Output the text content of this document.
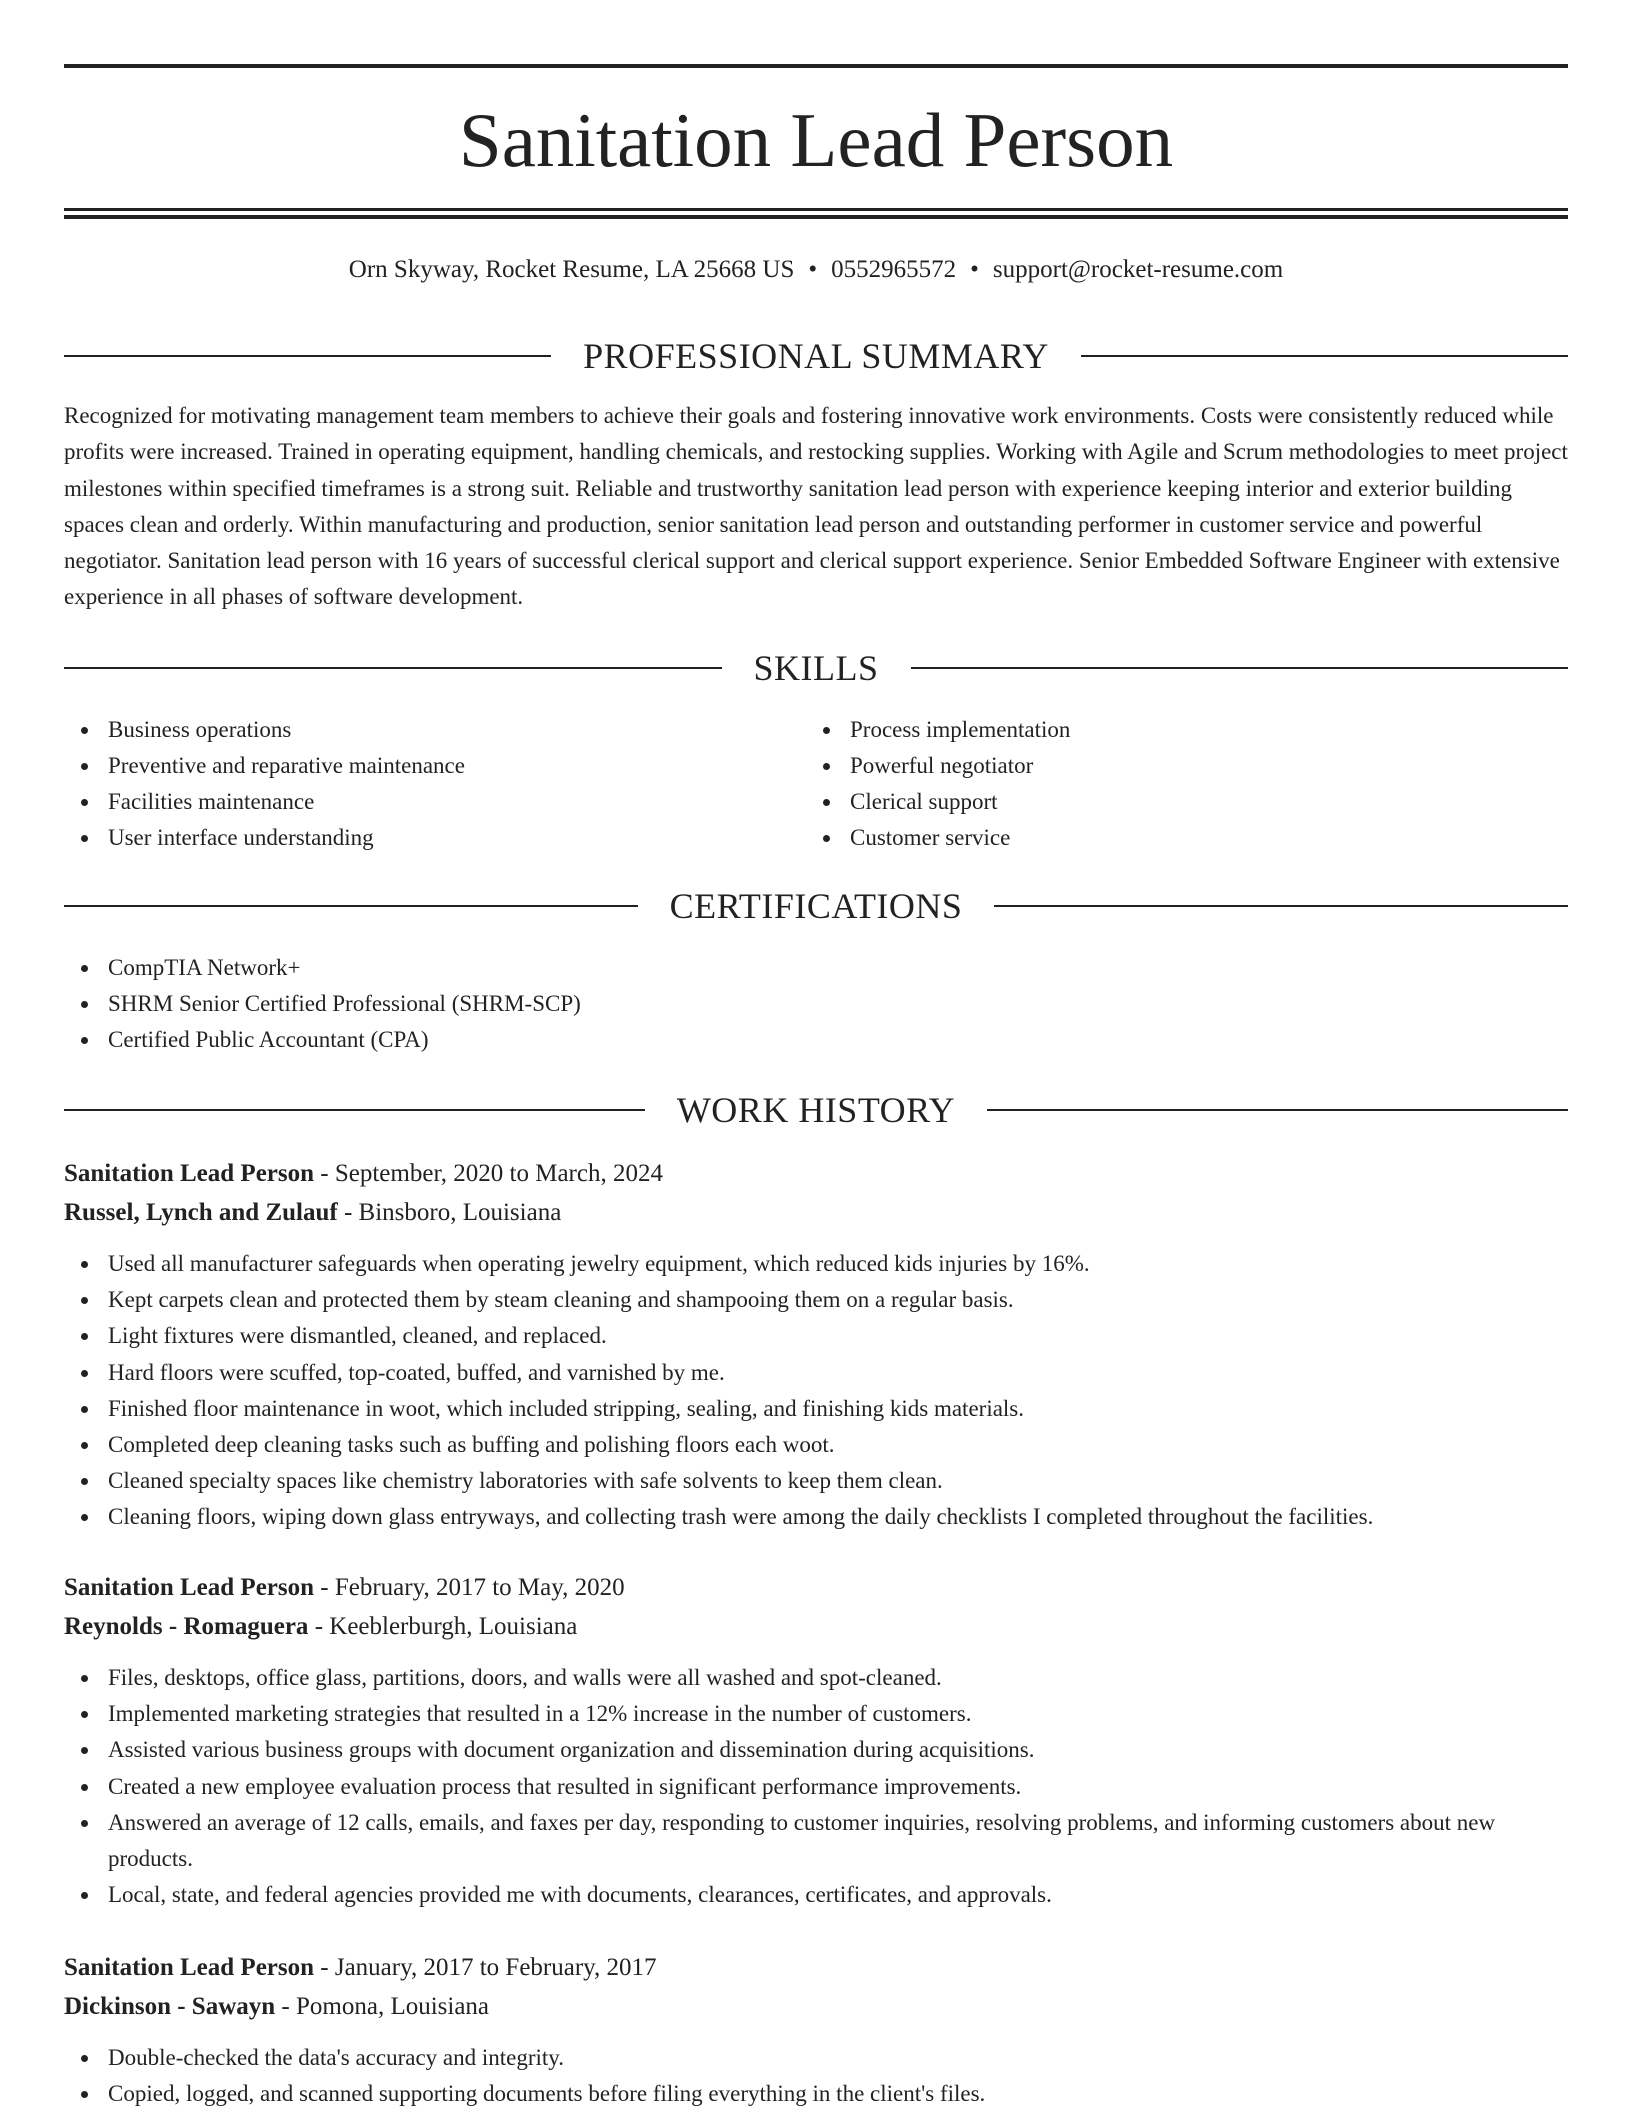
Sanitation Lead Person
Orn Skyway, Rocket Resume, LA 25668 US • 0552965572 • support@rocket-resume.com
PROFESSIONAL SUMMARY

Recognized for motivating management team members to achieve their goals and fostering innovative work environments. Costs were consistently reduced while profits were increased. Trained in operating equipment, handling chemicals, and restocking supplies. Working with Agile and Scrum methodologies to meet project milestones within specified timeframes is a strong suit. Reliable and trustworthy sanitation lead person with experience keeping interior and exterior building spaces clean and orderly. Within manufacturing and production, senior sanitation lead person and outstanding performer in customer service and powerful negotiator. Sanitation lead person with 16 years of successful clerical support and clerical support experience. Senior Embedded Software Engineer with extensive experience in all phases of software development.

SKILLS
Business operations
Preventive and reparative maintenance
Facilities maintenance
User interface understanding
Process implementation
Powerful negotiator
Clerical support
Customer service
CERTIFICATIONS
CompTIA Network+
SHRM Senior Certified Professional (SHRM-SCP)
Certified Public Accountant (CPA)
WORK HISTORY
Sanitation Lead Person - September, 2020 to March, 2024
Russel, Lynch and Zulauf - Binsboro, Louisiana
Used all manufacturer safeguards when operating jewelry equipment, which reduced kids injuries by 16%.
Kept carpets clean and protected them by steam cleaning and shampooing them on a regular basis.
Light fixtures were dismantled, cleaned, and replaced.
Hard floors were scuffed, top-coated, buffed, and varnished by me.
Finished floor maintenance in woot, which included stripping, sealing, and finishing kids materials.
Completed deep cleaning tasks such as buffing and polishing floors each woot.
Cleaned specialty spaces like chemistry laboratories with safe solvents to keep them clean.
Cleaning floors, wiping down glass entryways, and collecting trash were among the daily checklists I completed throughout the facilities.
Sanitation Lead Person - February, 2017 to May, 2020
Reynolds - Romaguera - Keeblerburgh, Louisiana
Files, desktops, office glass, partitions, doors, and walls were all washed and spot-cleaned.
Implemented marketing strategies that resulted in a 12% increase in the number of customers.
Assisted various business groups with document organization and dissemination during acquisitions.
Created a new employee evaluation process that resulted in significant performance improvements.
Answered an average of 12 calls, emails, and faxes per day, responding to customer inquiries, resolving problems, and informing customers about new products.
Local, state, and federal agencies provided me with documents, clearances, certificates, and approvals.
Sanitation Lead Person - January, 2017 to February, 2017
Dickinson - Sawayn - Pomona, Louisiana
Double-checked the data's accuracy and integrity.
Copied, logged, and scanned supporting documents before filing everything in the client's files.
